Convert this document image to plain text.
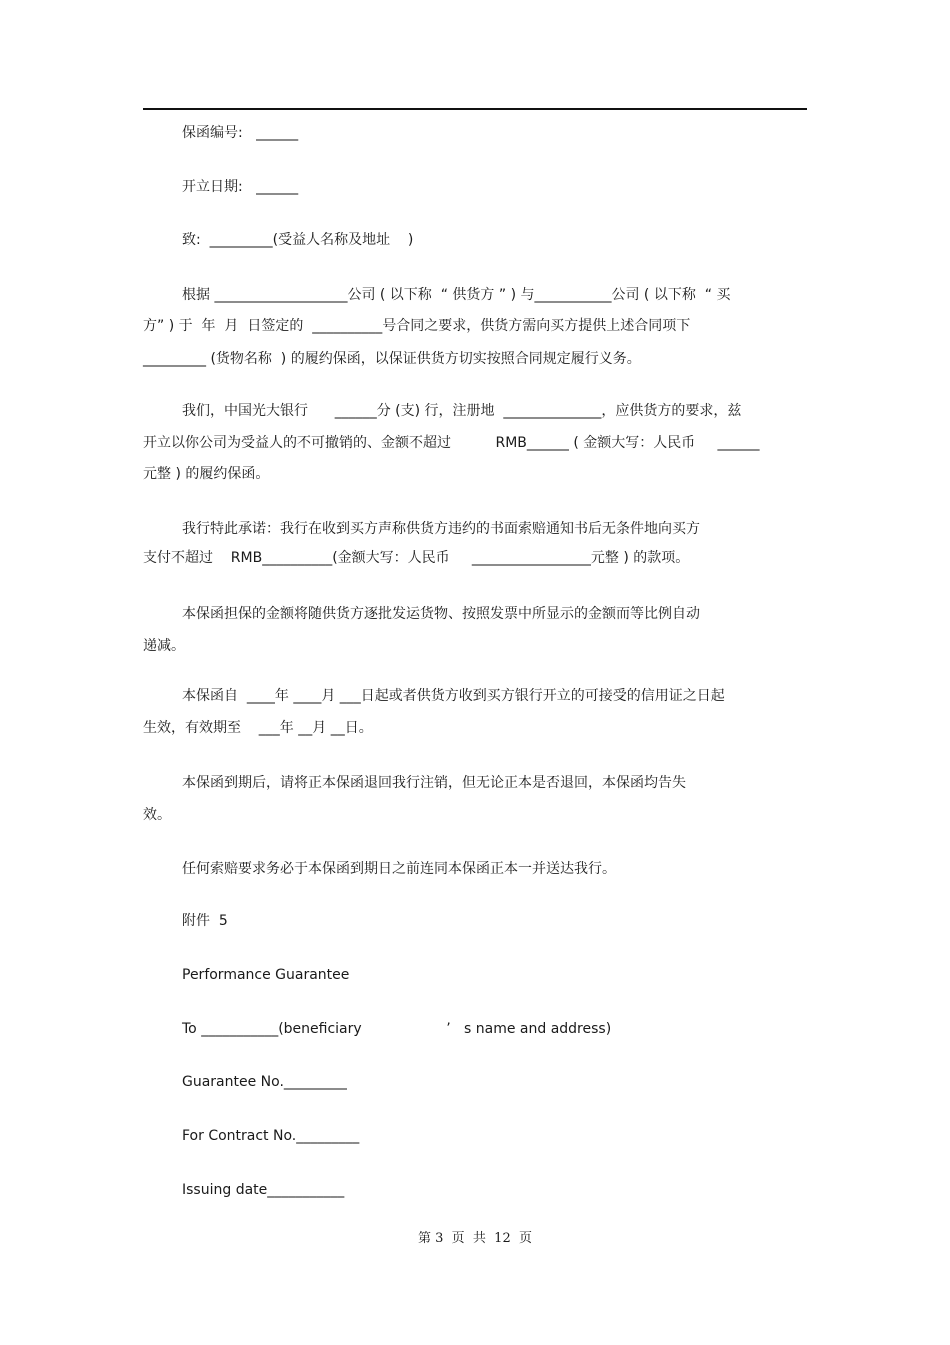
保函编号:   ______

开立日期:   ______

致:  _________(受益人名称及地址    )

根据 ___________________公司 ( 以下称  “ 供货方 ” ) 与___________公司 ( 以下称  “ 买

方” ) 于  年  月  日签定的  __________号合同之要求，供货方需向买方提供上述合同项下

_________ (货物名称  ) 的履约保函，以保证供货方切实按照合同规定履行义务。

我们，中国光大银行      ______分 (支) 行，注册地  ______________，应供货方的要求，兹

开立以你公司为受益人的不可撤销的、金额不超过          RMB______ ( 金额大写：人民币     ______

元整 ) 的履约保函。

我行特此承诺：我行在收到买方声称供货方违约的书面索赔通知书后无条件地向买方

支付不超过    RMB__________(金额大写：人民币     _________________元整 ) 的款项。

本保函担保的金额将随供货方逐批发运货物、按照发票中所显示的金额而等比例自动

递减。

本保函自  ____年 ____月 ___日起或者供货方收到买方银行开立的可接受的信用证之日起

生效，有效期至    ___年 __月 __日。

本保函到期后，请将正本保函退回我行注销，但无论正本是否退回，本保函均告失

效。

任何索赔要求务必于本保函到期日之前连同本保函正本一并送达我行。

附件  5

Performance Guarantee

To ___________(beneficiary                   ’   s name and address)

Guarantee No._________

For Contract No._________

Issuing date___________

第 3  页  共  12  页
